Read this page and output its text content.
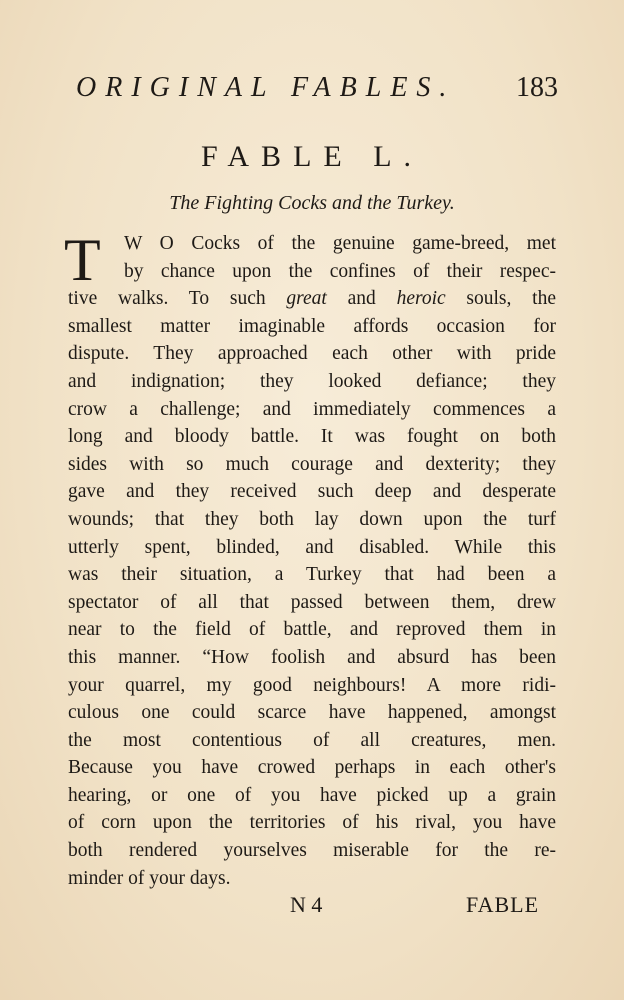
ORIGINAL FABLES. 183
FABLE L.
The Fighting Cocks and the Turkey.
T	W O Cocks of the genuine game-breed, met
by chance upon the confines of their respec-
tive walks. To such great and heroic souls, the
smallest matter imaginable affords occasion for
dispute. They approached each other with pride
and indignation; they looked defiance; they
crow a challenge; and immediately commences a
long and bloody battle. It was fought on both
sides with so much courage and dexterity; they
gave and they received such deep and desperate
wounds; that they both lay down upon the turf
utterly spent, blinded, and disabled. While this
was their situation, a Turkey that had been a
spectator of all that passed between them, drew
near to the field of battle, and reproved them in
this manner. “How foolish and absurd has been
your quarrel, my good neighbours! A more ridi-
culous one could scarce have happened, amongst
the most contentious of all creatures, men.
Because you have crowed perhaps in each other's
hearing, or one of you have picked up a grain
of corn upon the territories of his rival, you have
both rendered yourselves miserable for the re-
minder of your days.
N 4	FABLE
